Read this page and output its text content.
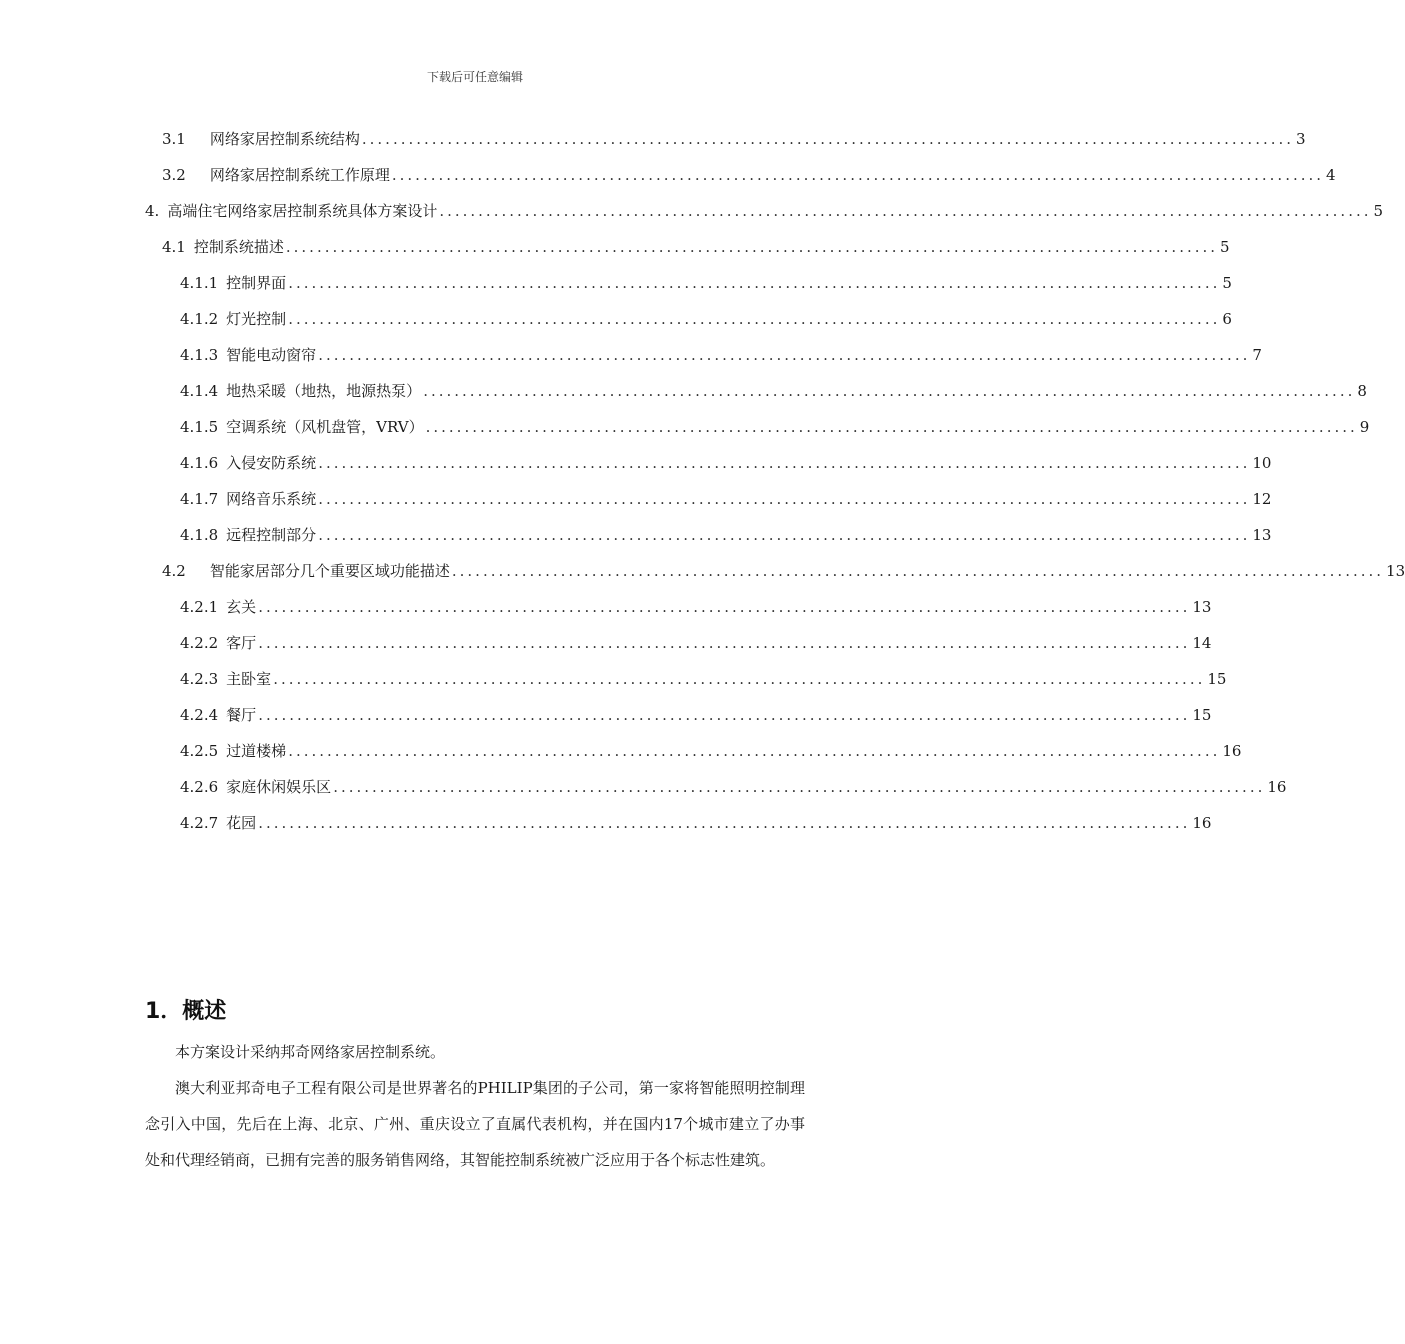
下载后可任意编辑
3.1 网络家居控制系统结构 ........................................................................................................................ 3
3.2 网络家居控制系统工作原理 ........................................................................................................................ 4
4. 高端住宅网络家居控制系统具体方案设计 ........................................................................................................................ 5
4.1 控制系统描述 ........................................................................................................................ 5
4.1.1 控制界面 ........................................................................................................................ 5
4.1.2 灯光控制 ........................................................................................................................ 6
4.1.3 智能电动窗帘 ........................................................................................................................ 7
4.1.4 地热采暖（地热，地源热泵） ........................................................................................................................ 8
4.1.5 空调系统（风机盘管，VRV） ........................................................................................................................ 9
4.1.6 入侵安防系统 ........................................................................................................................ 10
4.1.7 网络音乐系统 ........................................................................................................................ 12
4.1.8 远程控制部分 ........................................................................................................................ 13
4.2 智能家居部分几个重要区域功能描述 ........................................................................................................................ 13
4.2.1 玄关 ........................................................................................................................ 13
4.2.2 客厅 ........................................................................................................................ 14
4.2.3 主卧室 ........................................................................................................................ 15
4.2.4 餐厅 ........................................................................................................................ 15
4.2.5 过道楼梯 ........................................................................................................................ 16
4.2.6 家庭休闲娱乐区 ........................................................................................................................ 16
4.2.7 花园 ........................................................................................................................ 16
1．概述

本方案设计采纳邦奇网络家居控制系统。

澳大利亚邦奇电子工程有限公司是世界著名的PHILIP集团的子公司，第一家将智能照明控制理念引入中国，先后在上海、北京、广州、重庆设立了直属代表机构，并在国内17个城市建立了办事处和代理经销商，已拥有完善的服务销售网络，其智能控制系统被广泛应用于各个标志性建筑。
